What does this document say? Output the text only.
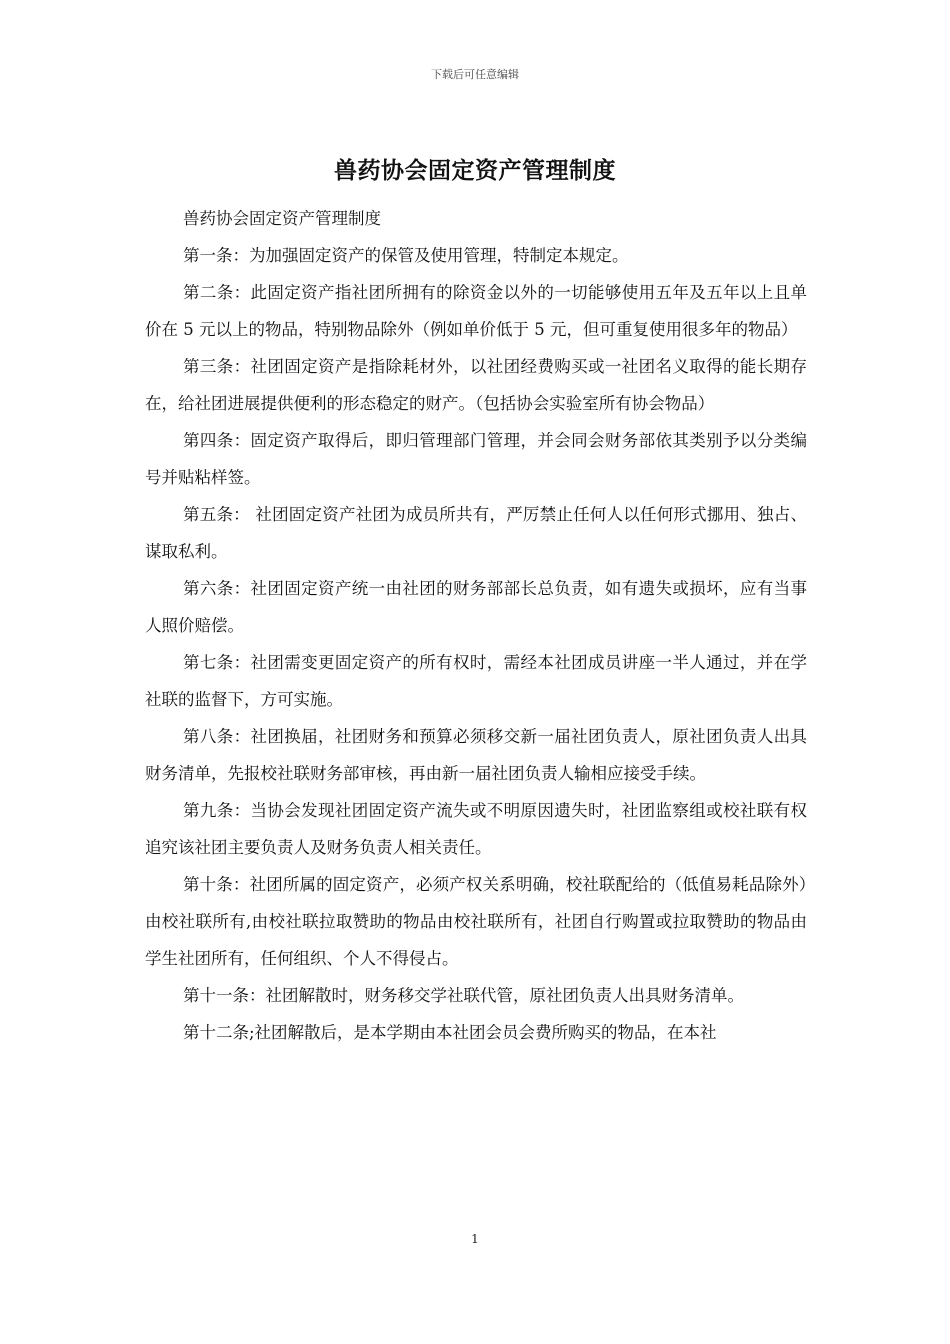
下载后可任意编辑
兽药协会固定资产管理制度

兽药协会固定资产管理制度

第一条：为加强固定资产的保管及使用管理，特制定本规定。

第二条：此固定资产指社团所拥有的除资金以外的一切能够使用五年及五年以上且单价在 5 元以上的物品，特别物品除外（例如单价低于 5 元，但可重复使用很多年的物品）

第三条：社团固定资产是指除耗材外，以社团经费购买或一社团名义取得的能长期存在，给社团进展提供便利的形态稳定的财产。（包括协会实验室所有协会物品）

第四条：固定资产取得后，即归管理部门管理，并会同会财务部依其类别予以分类编号并贴粘样签。

第五条： 社团固定资产社团为成员所共有，严厉禁止任何人以任何形式挪用、独占、谋取私利。

第六条：社团固定资产统一由社团的财务部部长总负责，如有遗失或损坏，应有当事人照价赔偿。

第七条：社团需变更固定资产的所有权时，需经本社团成员讲座一半人通过，并在学社联的监督下，方可实施。

第八条：社团换届，社团财务和预算必须移交新一届社团负责人，原社团负责人出具财务清单，先报校社联财务部审核，再由新一届社团负责人输相应接受手续。

第九条：当协会发现社团固定资产流失或不明原因遗失时，社团监察组或校社联有权追究该社团主要负责人及财务负责人相关责任。

第十条：社团所属的固定资产，必须产权关系明确，校社联配给的（低值易耗品除外）由校社联所有,由校社联拉取赞助的物品由校社联所有，社团自行购置或拉取赞助的物品由学生社团所有，任何组织、个人不得侵占。

第十一条：社团解散时，财务移交学社联代管，原社团负责人出具财务清单。

第十二条;社团解散后，是本学期由本社团会员会费所购买的物品，在本社

1
